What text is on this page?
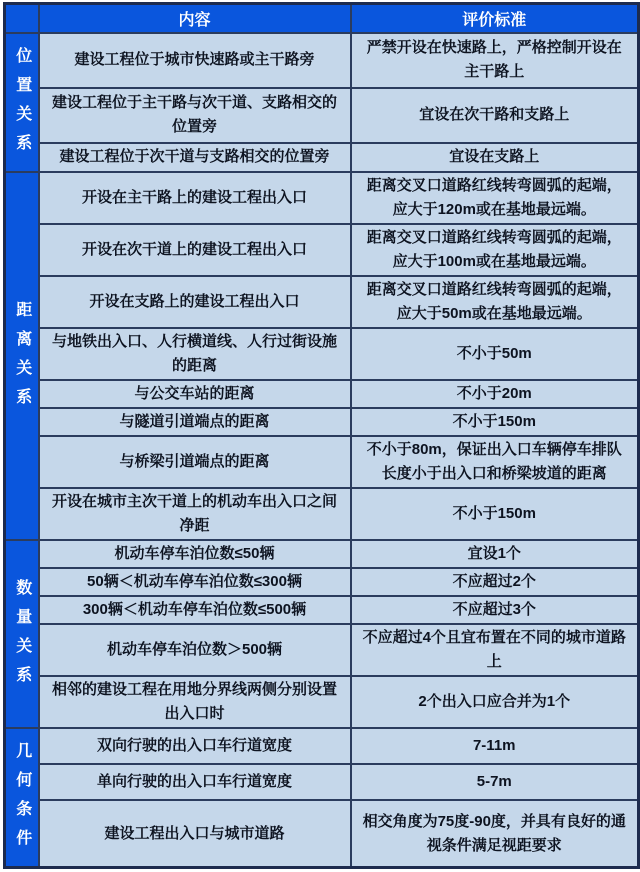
	内容	评价标准
位置关系	建设工程位于城市快速路或主干路旁	严禁开设在快速路上，严格控制开设在主干路上
	建设工程位于主干路与次干道、支路相交的位置旁	宜设在次干路和支路上
	建设工程位于次干道与支路相交的位置旁	宜设在支路上
距离关系	开设在主干路上的建设工程出入口	距离交叉口道路红线转弯圆弧的起端，应大于120m或在基地最远端。
	开设在次干道上的建设工程出入口	距离交叉口道路红线转弯圆弧的起端，应大于100m或在基地最远端。
	开设在支路上的建设工程出入口	距离交叉口道路红线转弯圆弧的起端，应大于50m或在基地最远端。
	与地铁出入口、人行横道线、人行过街设施的距离	不小于50m
	与公交车站的距离	不小于20m
	与隧道引道端点的距离	不小于150m
	与桥梁引道端点的距离	不小于80m，保证出入口车辆停车排队长度小于出入口和桥梁坡道的距离
	开设在城市主次干道上的机动车出入口之间净距	不小于150m
数量关系	机动车停车泊位数≤50辆	宜设1个
	50辆＜机动车停车泊位数≤300辆	不应超过2个
	300辆＜机动车停车泊位数≤500辆	不应超过3个
	机动车停车泊位数＞500辆	不应超过4个且宜布置在不同的城市道路上
	相邻的建设工程在用地分界线两侧分别设置出入口时	2个出入口应合并为1个
几何条件	双向行驶的出入口车行道宽度	7-11m
	单向行驶的出入口车行道宽度	5-7m
	建设工程出入口与城市道路	相交角度为75度-90度，并具有良好的通视条件满足视距要求
